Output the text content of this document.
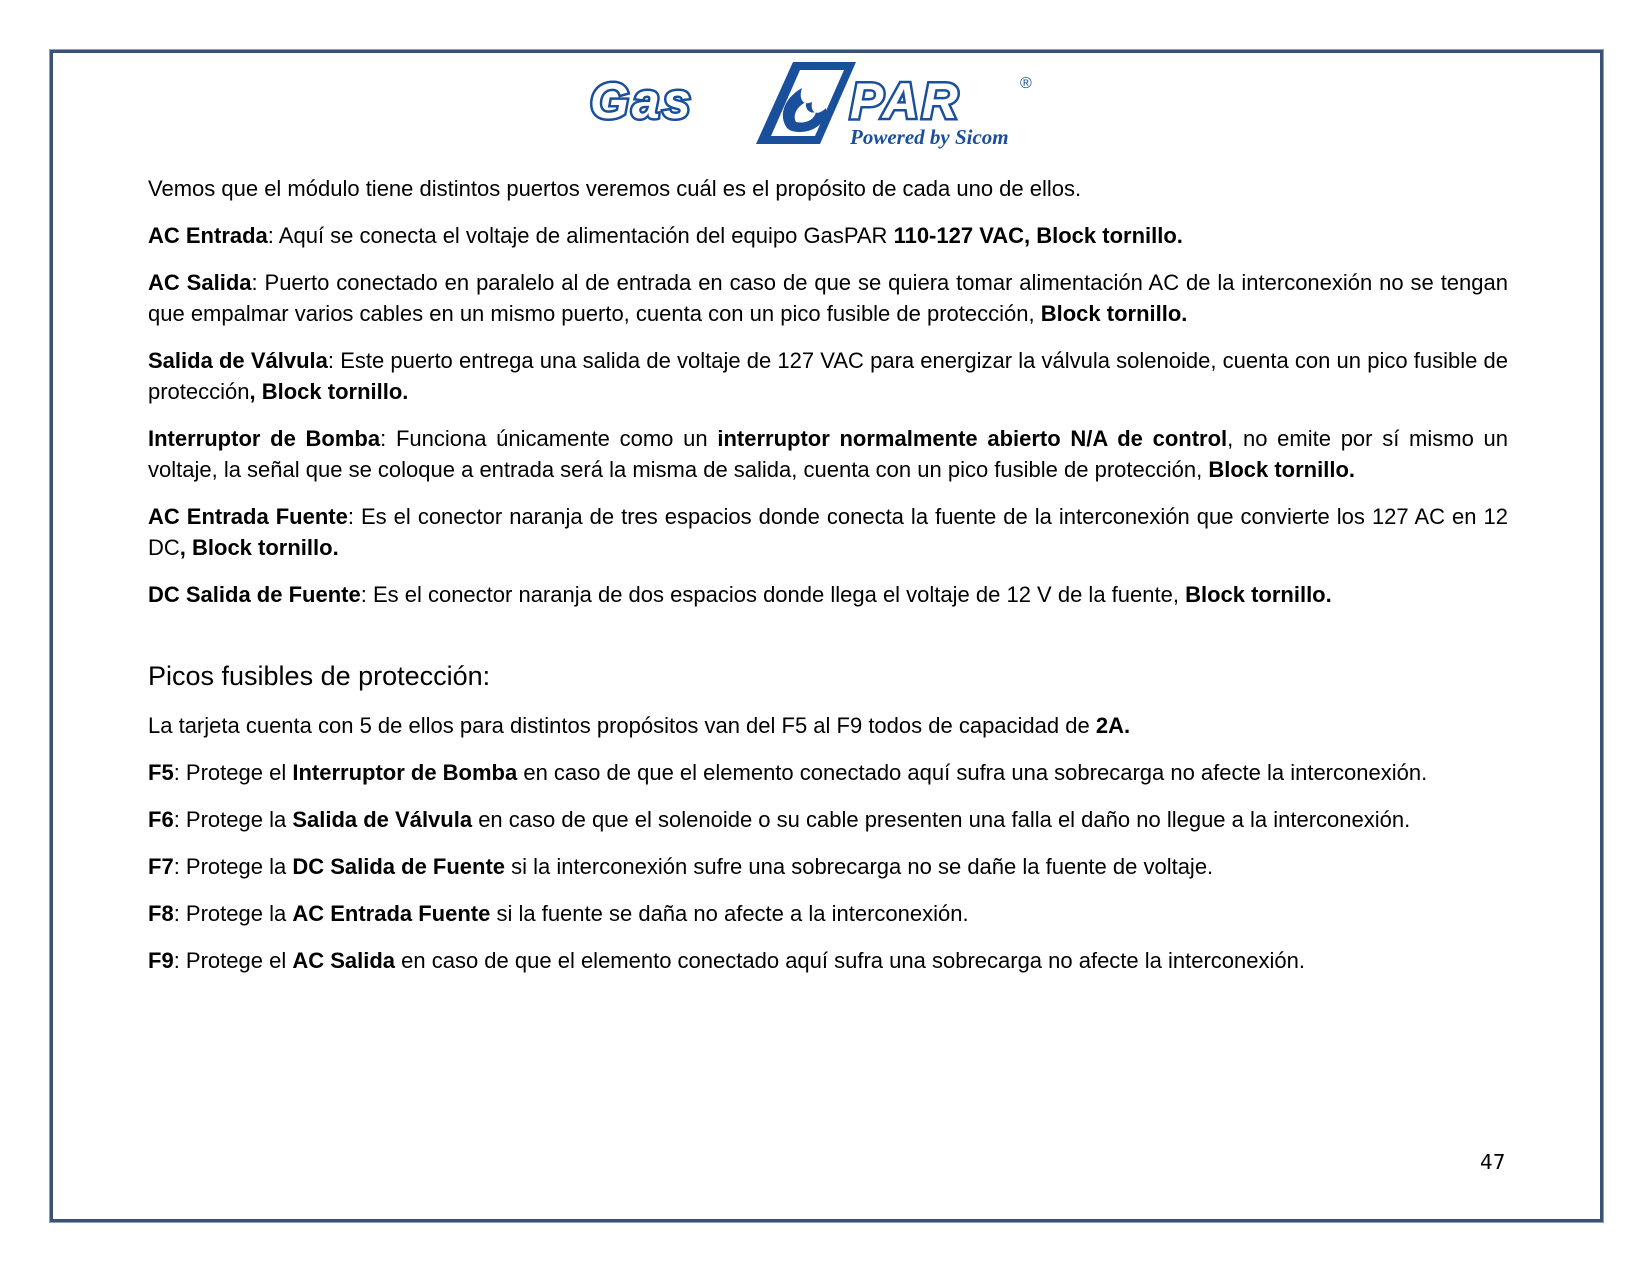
Gas	PAR	®
Powered by Sicom

Vemos que el módulo tiene distintos puertos veremos cuál es el propósito de cada uno de ellos.

AC Entrada: Aquí se conecta el voltaje de alimentación del equipo GasPAR 110-127 VAC, Block tornillo.

AC Salida: Puerto conectado en paralelo al de entrada en caso de que se quiera tomar alimentación AC de la interconexión no se tengan que empalmar varios cables en un mismo puerto, cuenta con un pico fusible de protección, Block tornillo.

Salida de Válvula: Este puerto entrega una salida de voltaje de 127 VAC para energizar la válvula solenoide, cuenta con un pico fusible de protección, Block tornillo.

Interruptor de Bomba: Funciona únicamente como un interruptor normalmente abierto N/A de control, no emite por sí mismo un voltaje, la señal que se coloque a entrada será la misma de salida, cuenta con un pico fusible de protección, Block tornillo.

AC Entrada Fuente: Es el conector naranja de tres espacios donde conecta la fuente de la interconexión que convierte los 127 AC en 12 DC, Block tornillo.

DC Salida de Fuente: Es el conector naranja de dos espacios donde llega el voltaje de 12 V de la fuente, Block tornillo.

Picos fusibles de protección:

La tarjeta cuenta con 5 de ellos para distintos propósitos van del F5 al F9 todos de capacidad de 2A.

F5: Protege el Interruptor de Bomba en caso de que el elemento conectado aquí sufra una sobrecarga no afecte la interconexión.

F6: Protege la Salida de Válvula en caso de que el solenoide o su cable presenten una falla el daño no llegue a la interconexión.

F7: Protege la DC Salida de Fuente si la interconexión sufre una sobrecarga no se dañe la fuente de voltaje.

F8: Protege la AC Entrada Fuente si la fuente se daña no afecte a la interconexión.

F9: Protege el AC Salida en caso de que el elemento conectado aquí sufra una sobrecarga no afecte la interconexión.

47
